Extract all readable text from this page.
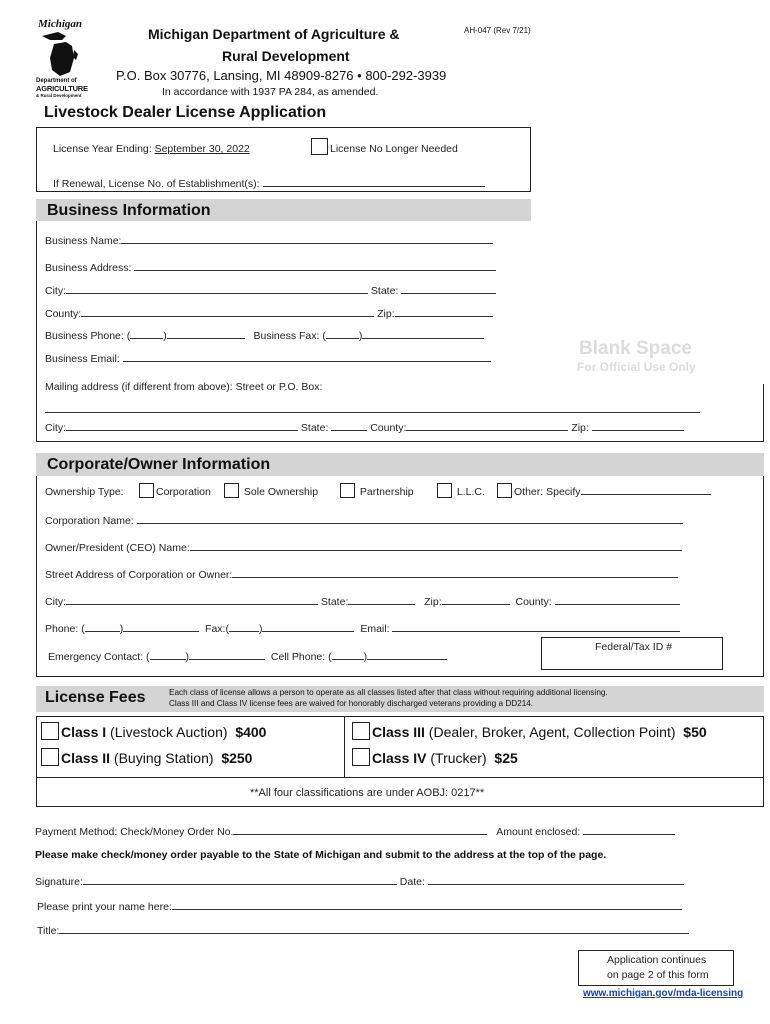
Michigan
Department of
AGRICULTURE
& Rural Development
Michigan Department of Agriculture &
Rural Development
P.O. Box 30776, Lansing, MI 48909-8276 • 800-292-3939
In accordance with 1937 PA 284, as amended.
AH-047 (Rev 7/21)
Livestock Dealer License Application
License Year Ending: September 30, 2022	License No Longer Needed
If Renewal, License No. of Establishment(s):
Business Information
Business Name:
Business Address:
City:	State:
County:	Zip:
Business Phone: (	)	Business Fax: (	)
Business Email:	Blank Space
For Official Use Only
Mailing address (if different from above): Street or P.O. Box:
City:	State:	County:	Zip:
Corporate/Owner Information
Ownership Type:	Corporation	Sole Ownership	Partnership	L.L.C.	Other: Specify
Corporation Name:
Owner/President (CEO) Name:
Street Address of Corporation or Owner:
City:	State:	Zip:	County:
Phone: (	)	Fax:(	)	Email:
Emergency Contact: (	)	Cell Phone: (	)
Federal/Tax ID #
License Fees	Each class of license allows a person to operate as all classes listed after that class without requiring additional licensing.
Class III and Class IV license fees are waived for honorably discharged veterans providing a DD214.
Class I (Livestock Auction) $400
Class II (Buying Station) $250
Class III (Dealer, Broker, Agent, Collection Point) $50
Class IV (Trucker) $25
**All four classifications are under AOBJ: 0217**
Payment Method: Check/Money Order No.	Amount enclosed:
Please make check/money order payable to the State of Michigan and submit to the address at the top of the page.
Signature:	Date:
Please print your name here:
Title:
Application continues
on page 2 of this form
www.michigan.gov/mda-licensing
